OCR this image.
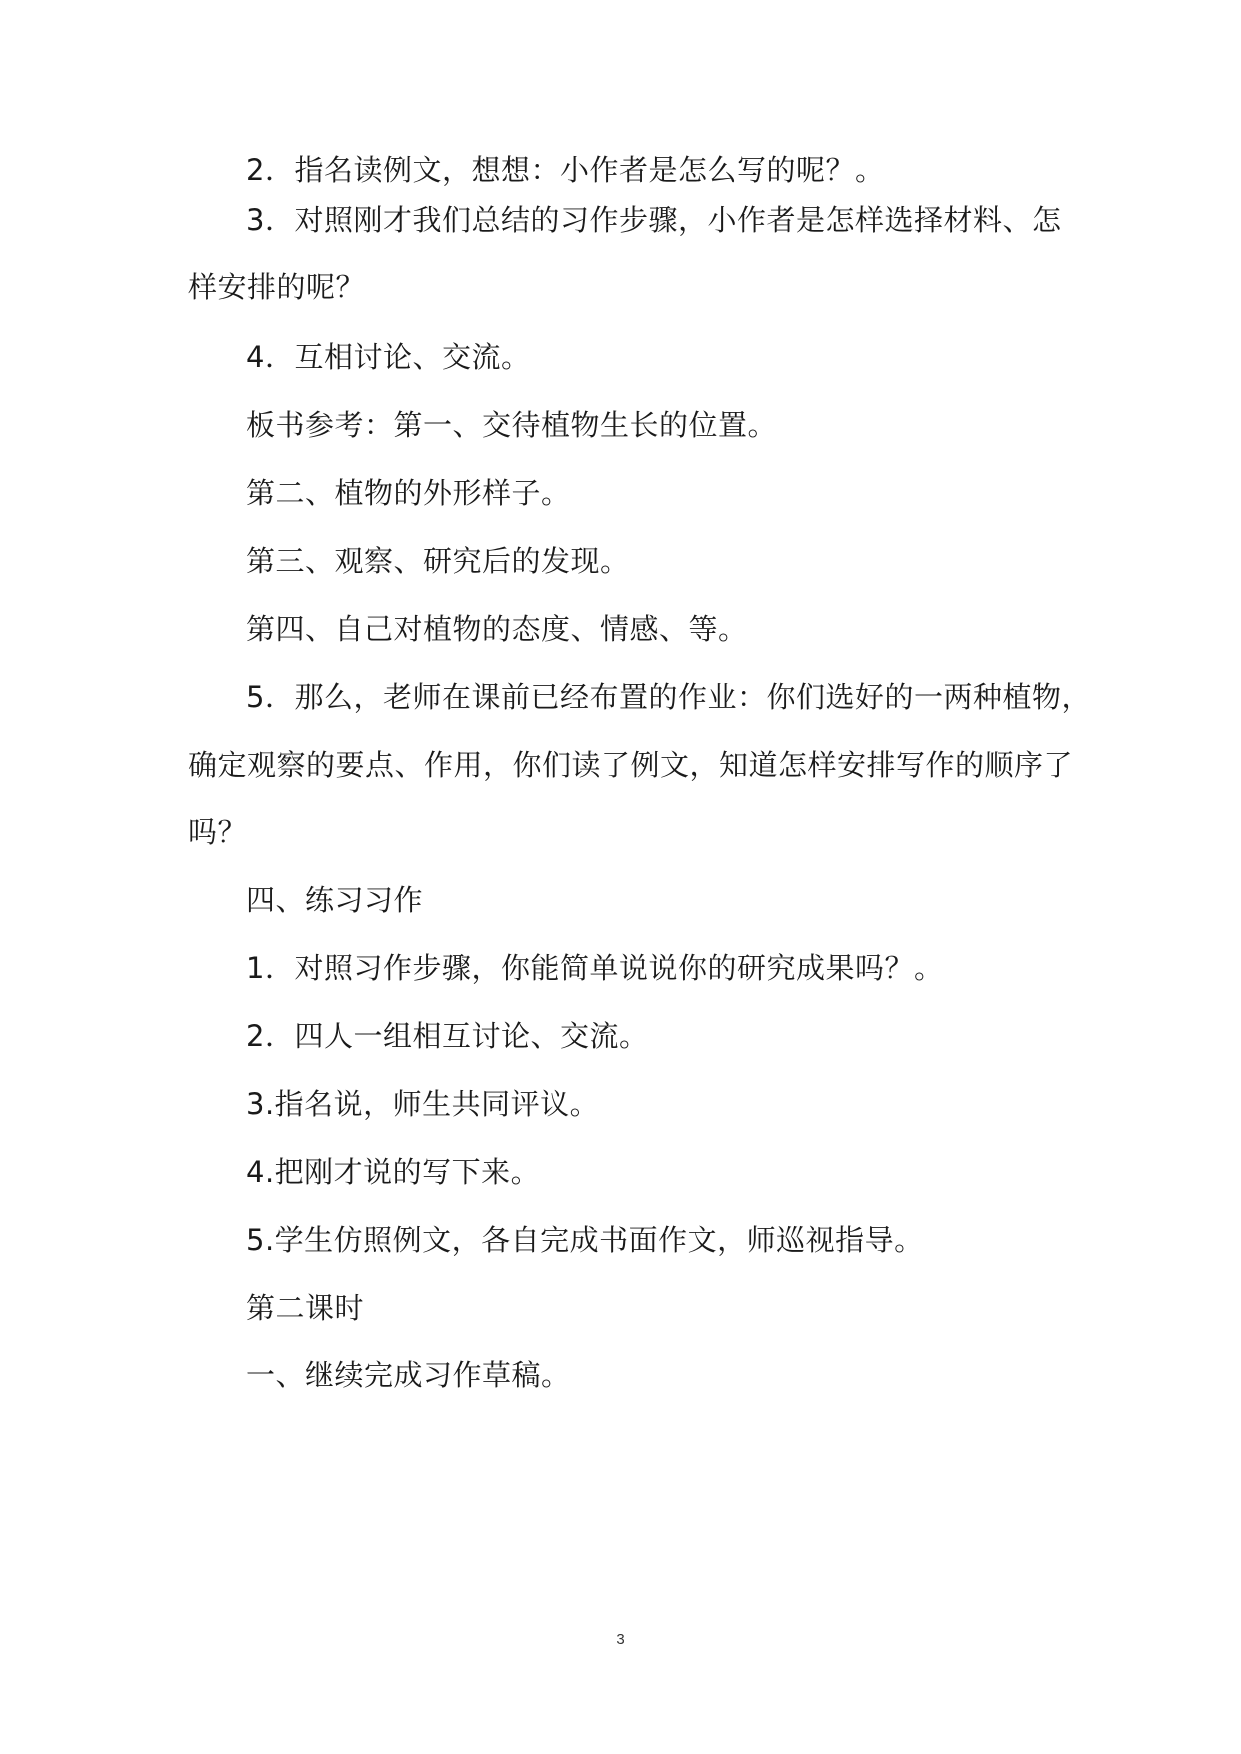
2．指名读例文，想想：小作者是怎么写的呢？。
3．对照刚才我们总结的习作步骤，小作者是怎样选择材料、怎
样安排的呢？
4．互相讨论、交流。
板书参考：第一、交待植物生长的位置。
第二、植物的外形样子。
第三、观察、研究后的发现。
第四、自己对植物的态度、情感、等。
5．那么，老师在课前已经布置的作业：你们选好的一两种植物，
确定观察的要点、作用，你们读了例文，知道怎样安排写作的顺序了
吗？
四、练习习作
1．对照习作步骤，你能简单说说你的研究成果吗？。
2．四人一组相互讨论、交流。
3.指名说，师生共同评议。
4.把刚才说的写下来。
5.学生仿照例文，各自完成书面作文，师巡视指导。
第二课时
一、继续完成习作草稿。
3
